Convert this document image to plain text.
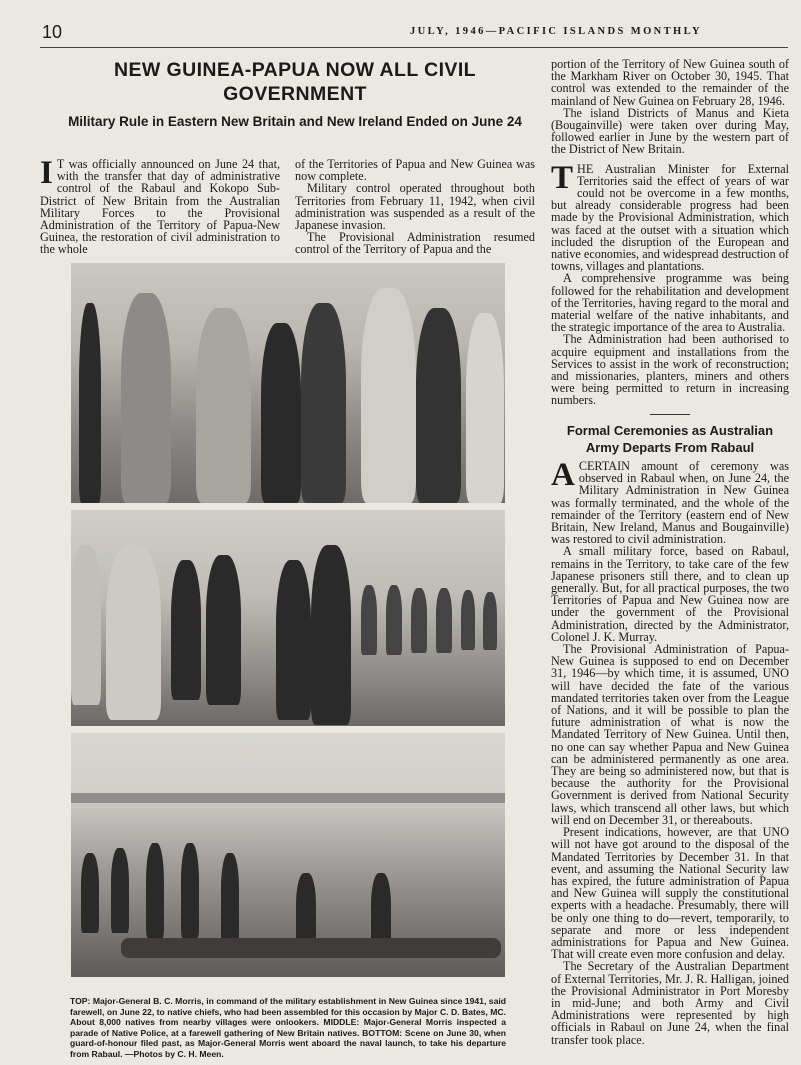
10	JULY, 1946—PACIFIC ISLANDS MONTHLY
NEW GUINEA-PAPUA NOW ALL CIVIL GOVERNMENT
Military Rule in Eastern New Britain and New Ireland Ended on June 24

I T was officially announced on June 24 that, with the transfer that day of administrative control of the Rabaul and Kokopo Sub-District of New Britain from the Australian Military Forces to the Provisional Administration of the Territory of Papua-New Guinea, the restoration of civil administration to the whole

of the Territories of Papua and New Guinea was now complete.

Military control operated throughout both Territories from February 11, 1942, when civil administration was suspended as a result of the Japanese invasion.

The Provisional Administration resumed control of the Territory of Papua and the

portion of the Territory of New Guinea south of the Markham River on October 30, 1945. That control was extended to the remainder of the mainland of New Guinea on February 28, 1946.

The island Districts of Manus and Kieta (Bougainville) were taken over during May, followed earlier in June by the western part of the District of New Britain.

THE Australian Minister for External Territories said the effect of years of war could not be overcome in a few months, but already considerable progress had been made by the Provisional Administration, which was faced at the outset with a situation which included the disruption of the European and native economies, and widespread destruction of towns, villages and plantations.

A comprehensive programme was being followed for the rehabilitation and development of the Territories, having regard to the moral and material welfare of the native inhabitants, and the strategic importance of the area to Australia.

The Administration had been authorised to acquire equipment and installations from the Services to assist in the work of reconstruction; and missionaries, planters, miners and others were being permitted to return in increasing numbers.

Formal Ceremonies as Australian Army Departs From Rabaul

ACERTAIN amount of ceremony was observed in Rabaul when, on June 24, the Military Administration in New Guinea was formally terminated, and the whole of the remainder of the Territory (eastern end of New Britain, New Ireland, Manus and Bougainville) was restored to civil administration.

A small military force, based on Rabaul, remains in the Territory, to take care of the few Japanese prisoners still there, and to clean up generally. But, for all practical purposes, the two Territories of Papua and New Guinea now are under the government of the Provisional Administration, directed by the Administrator, Colonel J. K. Murray.

The Provisional Administration of Papua-New Guinea is supposed to end on December 31, 1946—by which time, it is assumed, UNO will have decided the fate of the various mandated territories taken over from the League of Nations, and it will be possible to plan the future administration of what is now the Mandated Territory of New Guinea. Until then, no one can say whether Papua and New Guinea can be administered permanently as one area. They are being so administered now, but that is because the authority for the Provisional Government is derived from National Security laws, which transcend all other laws, but which will end on December 31, or thereabouts.

Present indications, however, are that UNO will not have got around to the disposal of the Mandated Territories by December 31. In that event, and assuming the National Security law has expired, the future administration of Papua and New Guinea will supply the constitutional experts with a headache. Presumably, there will be only one thing to do—revert, temporarily, to separate and more or less independent administrations for Papua and New Guinea. That will create even more confusion and delay.

The Secretary of the Australian Department of External Territories, Mr. J. R. Halligan, joined the Provisional Administrator in Port Moresby in mid-June; and both Army and Civil Administrations were represented by high officials in Rabaul on June 24, when the final transfer took place.

TOP: Major-General B. C. Morris, in command of the military establishment in New Guinea since 1941, said farewell, on June 22, to native chiefs, who had been assembled for this occasion by Major C. D. Bates, MC. About 8,000 natives from nearby villages were onlookers. MIDDLE: Major-General Morris inspected a parade of Native Police, at a farewell gathering of New Britain natives. BOTTOM: Scene on June 30, when guard-of-honour filed past, as Major-General Morris went aboard the naval launch, to take his departure from Rabaul. —Photos by C. H. Meen.
